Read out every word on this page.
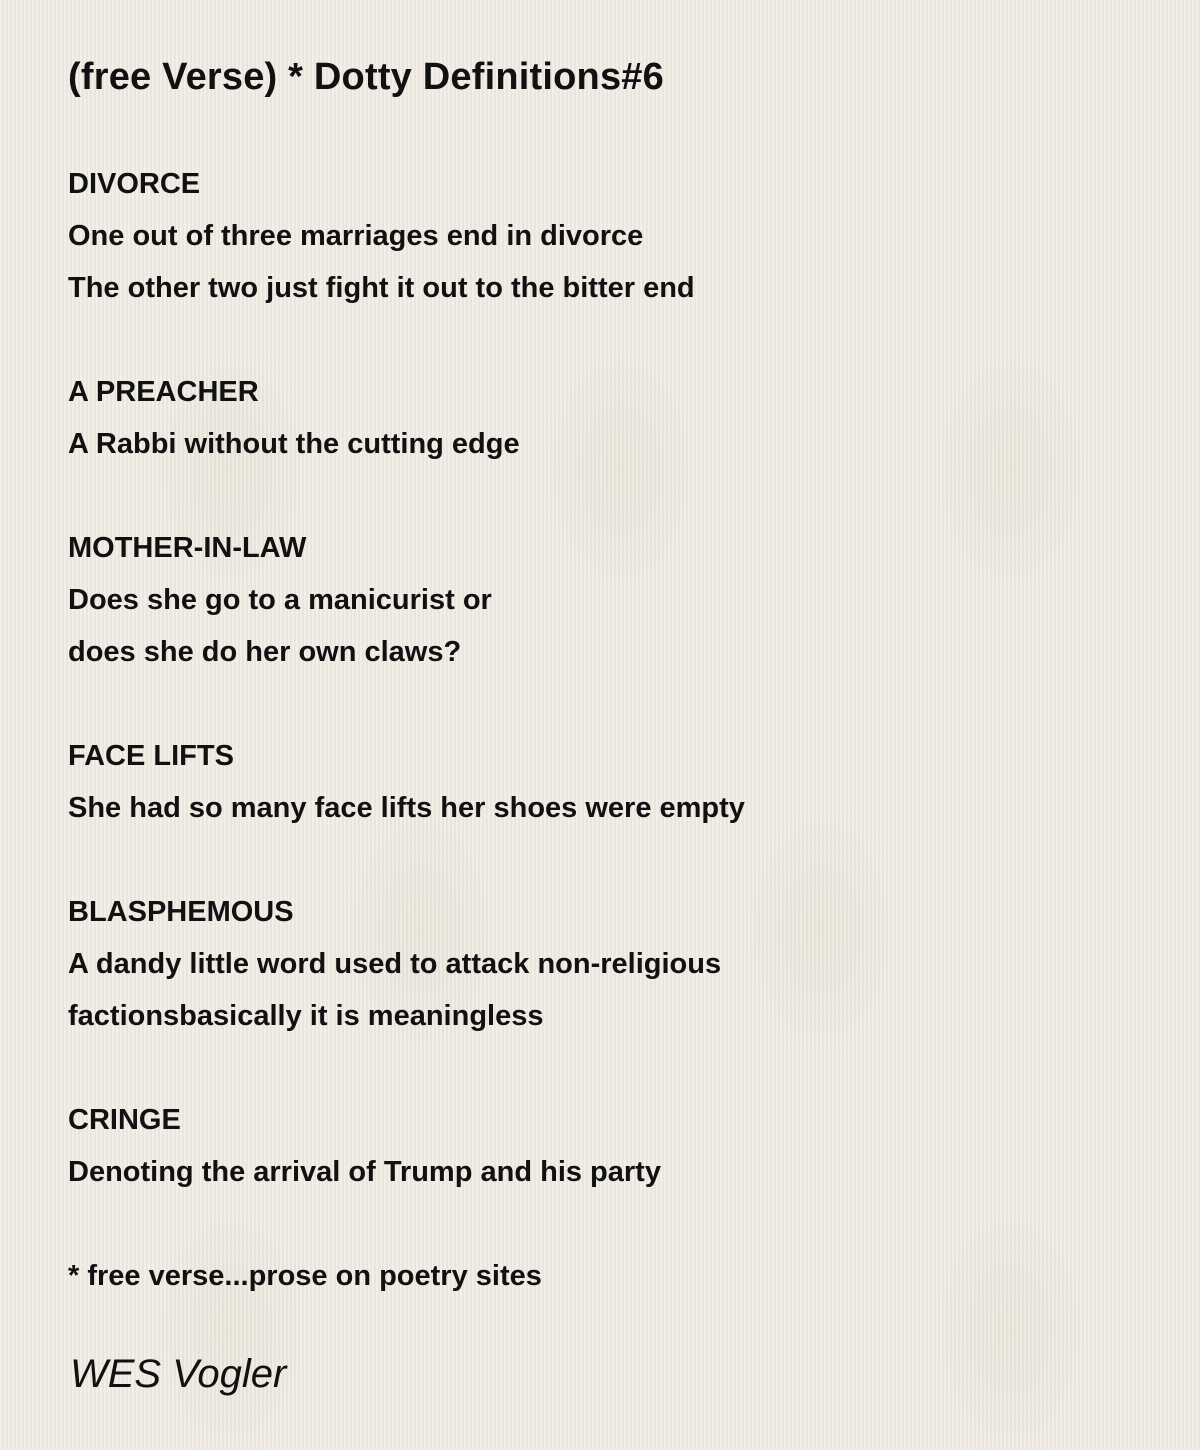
(free Verse) * Dotty Definitions#6
DIVORCE
One out of three marriages end in divorce
The other two just fight it out to the bitter end
A PREACHER
A Rabbi without the cutting edge
MOTHER-IN-LAW
Does she go to a manicurist or
does she do her own claws?
FACE LIFTS
She had so many face lifts her shoes were empty
BLASPHEMOUS
A dandy little word used to attack non-religious
factionsbasically it is meaningless
CRINGE
Denoting the arrival of Trump and his party
* free verse...prose on poetry sites
WES Vogler
